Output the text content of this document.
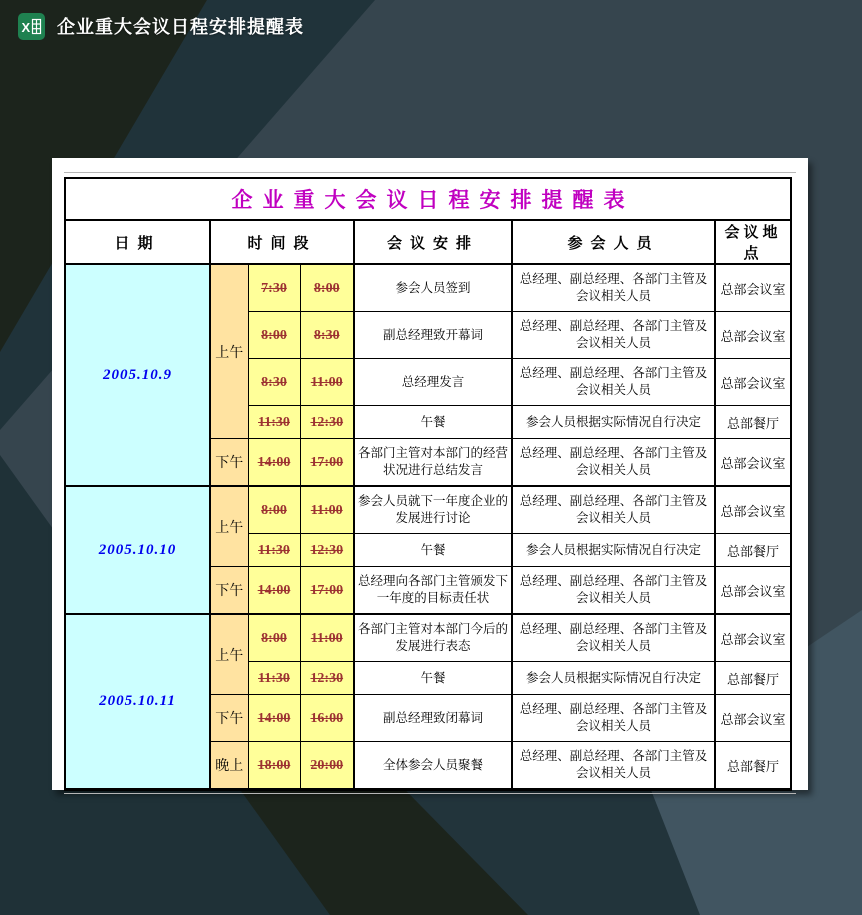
X 企业重大会议日程安排提醒表
企业重大会议日程安排提醒表						
日期	时间段			会议安排	参会人员	会议地点
2005.10.9	上午	7:30	8:00	参会人员签到	总经理、副总经理、各部门主管及会议相关人员	总部会议室
		8:00	8:30	副总经理致开幕词	总经理、副总经理、各部门主管及会议相关人员	总部会议室
		8:30	11:00	总经理发言	总经理、副总经理、各部门主管及会议相关人员	总部会议室
		11:30	12:30	午餐	参会人员根据实际情况自行决定	总部餐厅
	下午	14:00	17:00	各部门主管对本部门的经营状况进行总结发言	总经理、副总经理、各部门主管及会议相关人员	总部会议室
2005.10.10	上午	8:00	11:00	参会人员就下一年度企业的发展进行讨论	总经理、副总经理、各部门主管及会议相关人员	总部会议室
		11:30	12:30	午餐	参会人员根据实际情况自行决定	总部餐厅
	下午	14:00	17:00	总经理向各部门主管颁发下一年度的目标责任状	总经理、副总经理、各部门主管及会议相关人员	总部会议室
2005.10.11	上午	8:00	11:00	各部门主管对本部门今后的发展进行表态	总经理、副总经理、各部门主管及会议相关人员	总部会议室
		11:30	12:30	午餐	参会人员根据实际情况自行决定	总部餐厅
	下午	14:00	16:00	副总经理致闭幕词	总经理、副总经理、各部门主管及会议相关人员	总部会议室
	晚上	18:00	20:00	全体参会人员聚餐	总经理、副总经理、各部门主管及会议相关人员	总部餐厅
